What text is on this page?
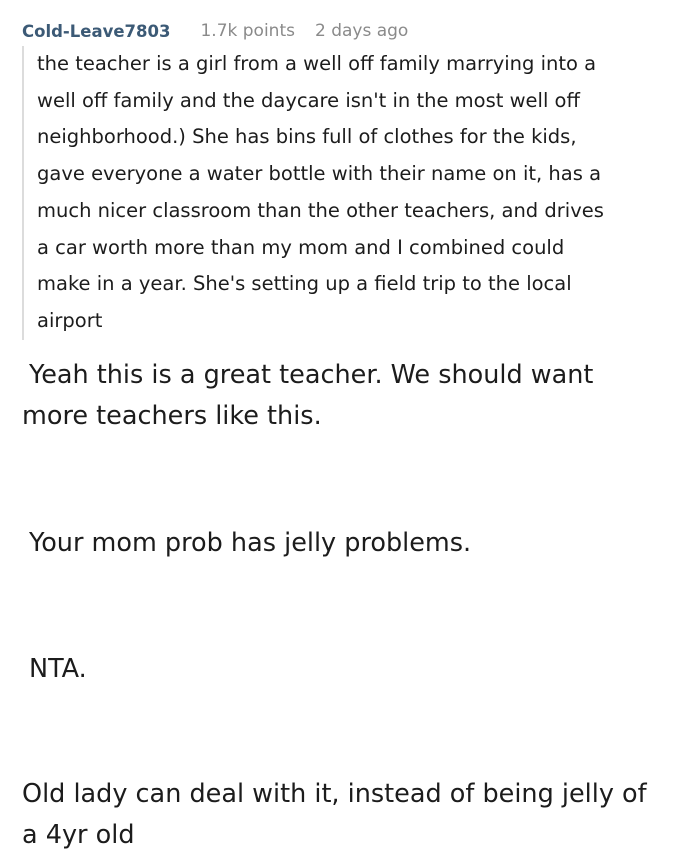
Cold-Leave7803 1.7k points 2 days ago

the teacher is a girl from a well off family marrying into a
well off family and the daycare isn't in the most well off
neighborhood.) She has bins full of clothes for the kids,
gave everyone a water bottle with their name on it, has a
much nicer classroom than the other teachers, and drives
a car worth more than my mom and I combined could
make in a year. She's setting up a field trip to the local
airport

Yeah this is a great teacher. We should want
more teachers like this.

Your mom prob has jelly problems.

NTA.

Old lady can deal with it, instead of being jelly of
a 4yr old
